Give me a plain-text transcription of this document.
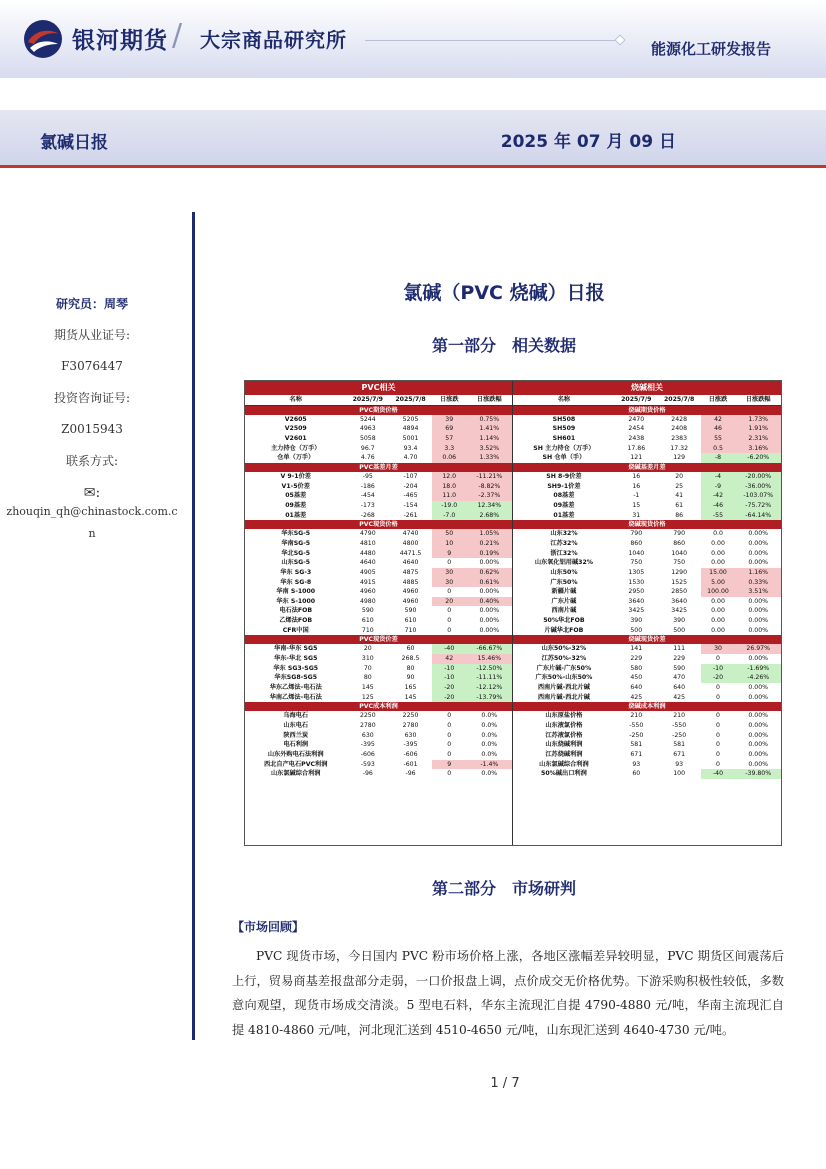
银河期货 / 大宗商品研究所	能源化工研发报告
氯碱日报	2025 年 07 月 09 日
研究员：周琴
期货从业证号:
F3076447
投资咨询证号:
Z0015943
联系方式:
✉:
zhouqin_qh@chinastock.com.cn
氯碱（PVC 烧碱）日报
第一部分　相关数据
PVC相关				
名称	2025/7/9	2025/7/8	日涨跌	日涨跌幅
PVC期货价格				
V2605	5244	5205	39	0.75%
V2509	4963	4894	69	1.41%
V2601	5058	5001	57	1.14%
主力持仓（万手）	96.7	93.4	3.3	3.52%
仓单（万手）	4.76	4.70	0.06	1.33%
PVC基差月差				
V 9-1价差	-95	-107	12.0	-11.21%
V1-5价差	-186	-204	18.0	-8.82%
05基差	-454	-465	11.0	-2.37%
09基差	-173	-154	-19.0	12.34%
01基差	-268	-261	-7.0	2.68%
PVC现货价格				
华东SG-5	4790	4740	50	1.05%
华南SG-5	4810	4800	10	0.21%
华北SG-5	4480	4471.5	9	0.19%
山东SG-5	4640	4640	0	0.00%
华东 SG-3	4905	4875	30	0.62%
华东 SG-8	4915	4885	30	0.61%
华南 S-1000	4960	4960	0	0.00%
华东 S-1000	4980	4960	20	0.40%
电石法FOB	590	590	0	0.00%
乙烯法FOB	610	610	0	0.00%
CFR中国	710	710	0	0.00%
PVC现货价差				
华南-华东 SG5	20	60	-40	-66.67%
华东-华北 SG5	310	268.5	42	15.46%
华东 SG3-SG5	70	80	-10	-12.50%
华东SG8-SG5	80	90	-10	-11.11%
华东乙烯法-电石法	145	165	-20	-12.12%
华南乙烯法-电石法	125	145	-20	-13.79%
PVC成本利润				
乌海电石	2250	2250	0	0.0%
山东电石	2780	2780	0	0.0%
陕西兰炭	630	630	0	0.0%
电石利润	-395	-395	0	0.0%
山东外购电石法利润	-606	-606	0	0.0%
西北自产电石PVC利润	-593	-601	9	-1.4%
山东氯碱综合利润	-96	-96	0	0.0%
烧碱相关				
名称	2025/7/9	2025/7/8	日涨跌	日涨跌幅
烧碱期货价格				
SH508	2470	2428	42	1.73%
SH509	2454	2408	46	1.91%
SH601	2438	2383	55	2.31%
SH 主力持仓（万手）	17.86	17.32	0.5	3.16%
SH 仓单（手）	121	129	-8	-6.20%
烧碱基差月差				
SH 8-9价差	16	20	-4	-20.00%
SH9-1价差	16	25	-9	-36.00%
08基差	-1	41	-42	-103.07%
09基差	15	61	-46	-75.72%
01基差	31	86	-55	-64.14%
烧碱现货价格				
山东32%	790	790	0.0	0.00%
江苏32%	860	860	0.00	0.00%
浙江32%	1040	1040	0.00	0.00%
山东氧化铝用碱32%	750	750	0.00	0.00%
山东50%	1305	1290	15.00	1.16%
广东50%	1530	1525	5.00	0.33%
新疆片碱	2950	2850	100.00	3.51%
广东片碱	3640	3640	0.00	0.00%
西南片碱	3425	3425	0.00	0.00%
50%华北FOB	390	390	0.00	0.00%
片碱华北FOB	500	500	0.00	0.00%
烧碱现货价差				
山东50%-32%	141	111	30	26.97%
江苏50%-32%	229	229	0	0.00%
广东片碱-广东50%	580	590	-10	-1.69%
广东50%-山东50%	450	470	-20	-4.26%
西南片碱-西北片碱	640	640	0	0.00%
西南片碱-西北片碱	425	425	0	0.00%
烧碱成本利润				
山东原盐价格	210	210	0	0.00%
山东液氯价格	-550	-550	0	0.00%
江苏液氯价格	-250	-250	0	0.00%
山东烧碱利润	581	581	0	0.00%
江苏烧碱利润	671	671	0	0.00%
山东氯碱综合利润	93	93	0	0.00%
50%碱出口利润	60	100	-40	-39.80%
第二部分　市场研判
【市场回顾】
PVC 现货市场，今日国内 PVC 粉市场价格上涨，各地区涨幅差异较明显，PVC 期货区间震荡后上行，贸易商基差报盘部分走弱，一口价报盘上调，点价成交无价格优势。下游采购积极性较低，多数意向观望，现货市场成交清淡。5 型电石料，华东主流现汇自提 4790-4880 元/吨，华南主流现汇自提 4810-4860 元/吨，河北现汇送到 4510-4650 元/吨，山东现汇送到 4640-4730 元/吨。
1 / 7
